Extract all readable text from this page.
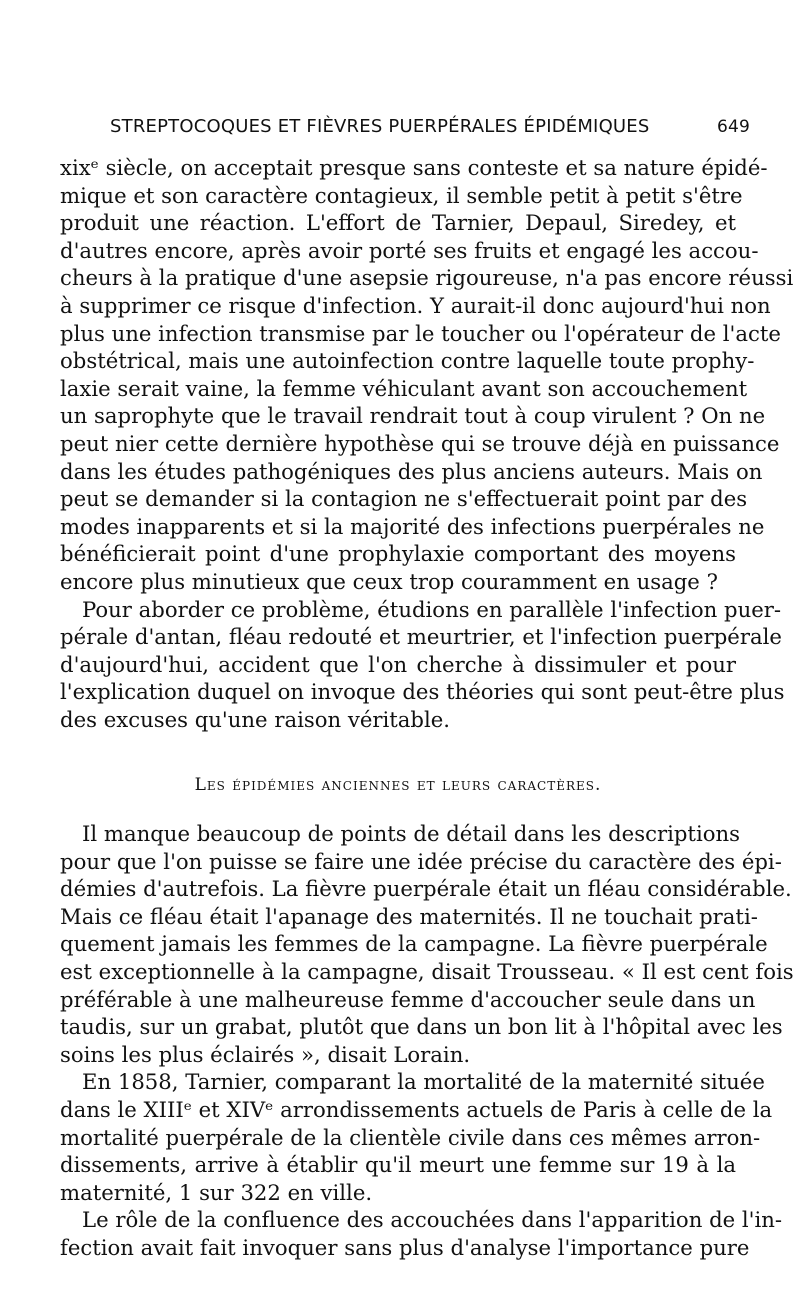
STREPTOCOQUES ET FIÈVRES PUERPÉRALES ÉPIDÉMIQUES	649
xixᵉ siècle, on acceptait presque sans conteste et sa nature épidé-
mique et son caractère contagieux, il semble petit à petit s'être
produit une réaction. L'effort de Tarnier, Depaul, Siredey, et
d'autres encore, après avoir porté ses fruits et engagé les accou-
cheurs à la pratique d'une asepsie rigoureuse, n'a pas encore réussi
à supprimer ce risque d'infection. Y aurait-il donc aujourd'hui non
plus une infection transmise par le toucher ou l'opérateur de l'acte
obstétrical, mais une autoinfection contre laquelle toute prophy-
laxie serait vaine, la femme véhiculant avant son accouchement
un saprophyte que le travail rendrait tout à coup virulent ? On ne
peut nier cette dernière hypothèse qui se trouve déjà en puissance
dans les études pathogéniques des plus anciens auteurs. Mais on
peut se demander si la contagion ne s'effectuerait point par des
modes inapparents et si la majorité des infections puerpérales ne
bénéficierait point d'une prophylaxie comportant des moyens
encore plus minutieux que ceux trop couramment en usage ?
Pour aborder ce problème, étudions en parallèle l'infection puer-
pérale d'antan, fléau redouté et meurtrier, et l'infection puerpérale
d'aujourd'hui, accident que l'on cherche à dissimuler et pour
l'explication duquel on invoque des théories qui sont peut-être plus
des excuses qu'une raison véritable.
Les épidémies anciennes et leurs caractères.
Il manque beaucoup de points de détail dans les descriptions
pour que l'on puisse se faire une idée précise du caractère des épi-
démies d'autrefois. La fièvre puerpérale était un fléau considérable.
Mais ce fléau était l'apanage des maternités. Il ne touchait prati-
quement jamais les femmes de la campagne. La fièvre puerpérale
est exceptionnelle à la campagne, disait Trousseau. « Il est cent fois
préférable à une malheureuse femme d'accoucher seule dans un
taudis, sur un grabat, plutôt que dans un bon lit à l'hôpital avec les
soins les plus éclairés », disait Lorain.
En 1858, Tarnier, comparant la mortalité de la maternité située
dans le XIIIᵉ et XIVᵉ arrondissements actuels de Paris à celle de la
mortalité puerpérale de la clientèle civile dans ces mêmes arron-
dissements, arrive à établir qu'il meurt une femme sur 19 à la
maternité, 1 sur 322 en ville.
Le rôle de la confluence des accouchées dans l'apparition de l'in-
fection avait fait invoquer sans plus d'analyse l'importance pure
